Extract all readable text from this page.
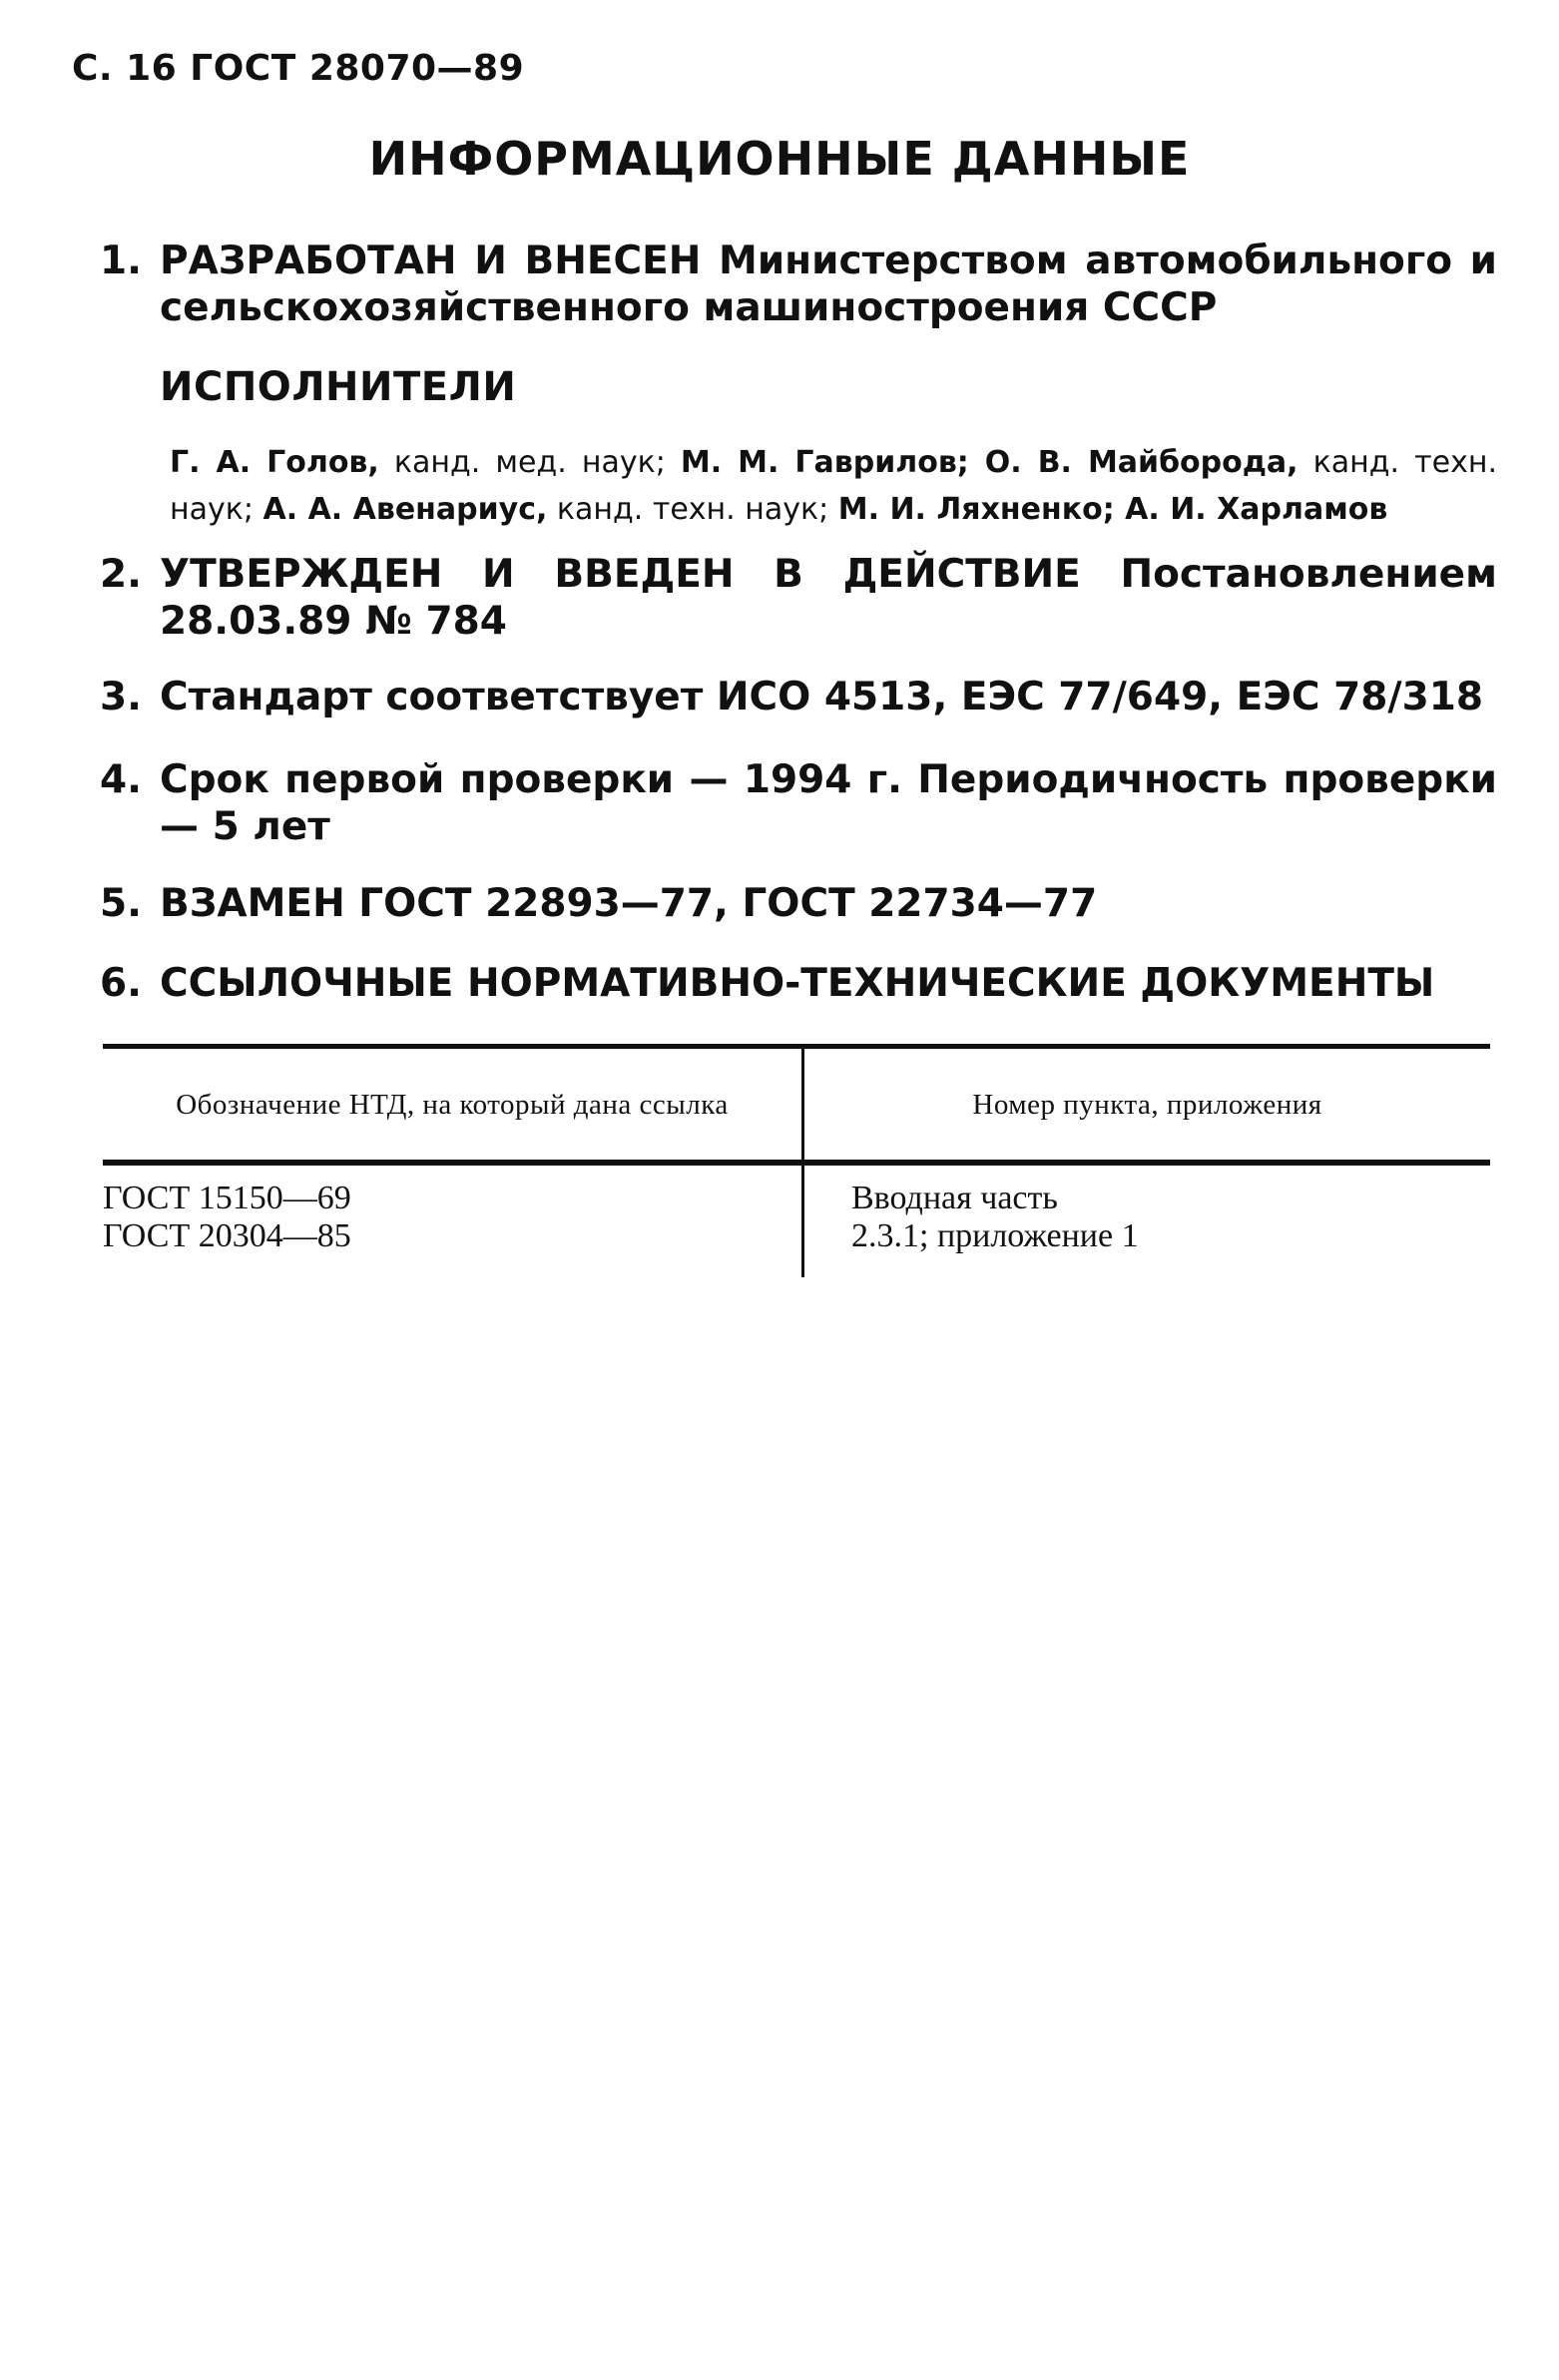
С. 16 ГОСТ 28070—89
ИНФОРМАЦИОННЫЕ ДАННЫЕ
1. РАЗРАБОТАН И ВНЕСЕН Министерством автомобильного и сельскохозяйственного машиностроения СССР
ИСПОЛНИТЕЛИ
Г. А. Голов, канд. мед. наук; М. М. Гаврилов; О. В. Майборода, канд. техн. наук; А. А. Авенариус, канд. техн. наук; М. И. Ляхненко; А. И. Харламов
2. УТВЕРЖДЕН И ВВЕДЕН В ДЕЙСТВИЕ Постановлением 28.03.89 № 784
3. Стандарт соответствует ИСО 4513, ЕЭС 77/649, ЕЭС 78/318
4. Срок первой проверки — 1994 г. Периодичность проверки — 5 лет
5. ВЗАМЕН ГОСТ 22893—77, ГОСТ 22734—77
6. ССЫЛОЧНЫЕ НОРМАТИВНО-ТЕХНИЧЕСКИЕ ДОКУМЕНТЫ
Обозначение НТД, на который дана ссылка	Номер пункта, приложения
ГОСТ 15150—69
ГОСТ 20304—85
Вводная часть
2.3.1; приложение 1
